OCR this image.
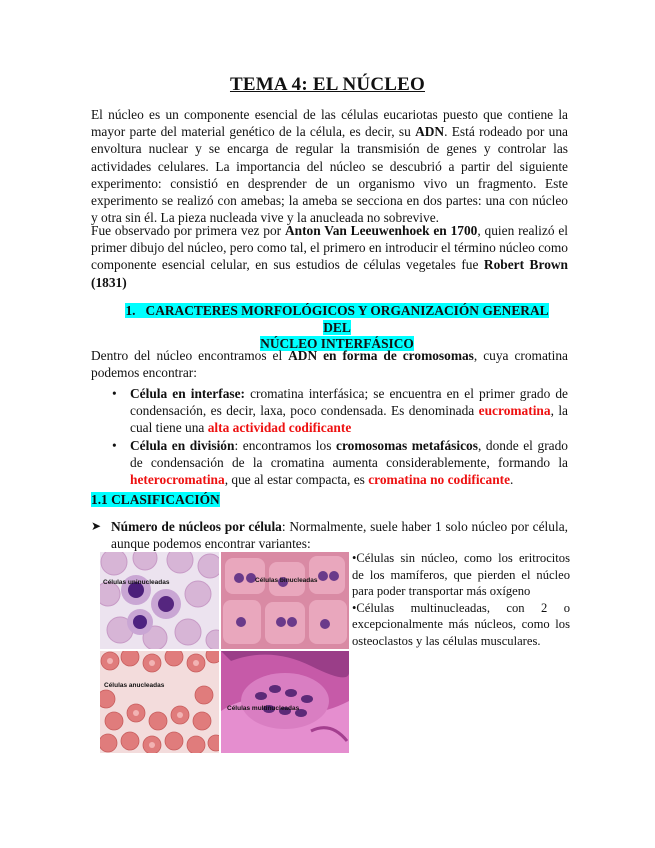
TEMA 4: EL NÚCLEO
El núcleo es un componente esencial de las células eucariotas puesto que contiene la mayor parte del material genético de la célula, es decir, su ADN. Está rodeado por una envoltura nuclear y se encarga de regular la transmisión de genes y controlar las actividades celulares. La importancia del núcleo se descubrió a partir del siguiente experimento: consistió en desprender de un organismo vivo un fragmento. Este experimento se realizó con amebas; la ameba se secciona en dos partes: una con núcleo y otra sin él. La pieza nucleada vive y la anucleada no sobrevive.
Fue observado por primera vez por Anton Van Leeuwenhoek en 1700, quien realizó el primer dibujo del núcleo, pero como tal, el primero en introducir el término núcleo como componente esencial celular, en sus estudios de células vegetales fue Robert Brown (1831)
1. CARACTERES MORFOLÓGICOS Y ORGANIZACIÓN GENERAL DEL
NÚCLEO INTERFÁSICO
Dentro del núcleo encontramos el ADN en forma de cromosomas, cuya cromatina podemos encontrar:
• Célula en interfase: cromatina interfásica; se encuentra en el primer grado de condensación, es decir, laxa, poco condensada. Es denominada eucromatina, la cual tiene una alta actividad codificante
• Célula en división: encontramos los cromosomas metafásicos, donde el grado de condensación de la cromatina aumenta considerablemente, formando la heterocromatina, que al estar compacta, es cromatina no codificante.
1.1 CLASIFICACIÓN
➤ Número de núcleos por célula: Normalmente, suele haber 1 solo núcleo por célula, aunque podemos encontrar variantes:
Células uninucleadas	Células binucleadas
Células anucleadas
Células multinucleadas

•Células sin núcleo, como los eritrocitos de los mamíferos, que pierden el núcleo para poder transportar más oxígeno

•Células multinucleadas, con 2 o excepcionalmente más núcleos, como los osteoclastos y las células musculares.
